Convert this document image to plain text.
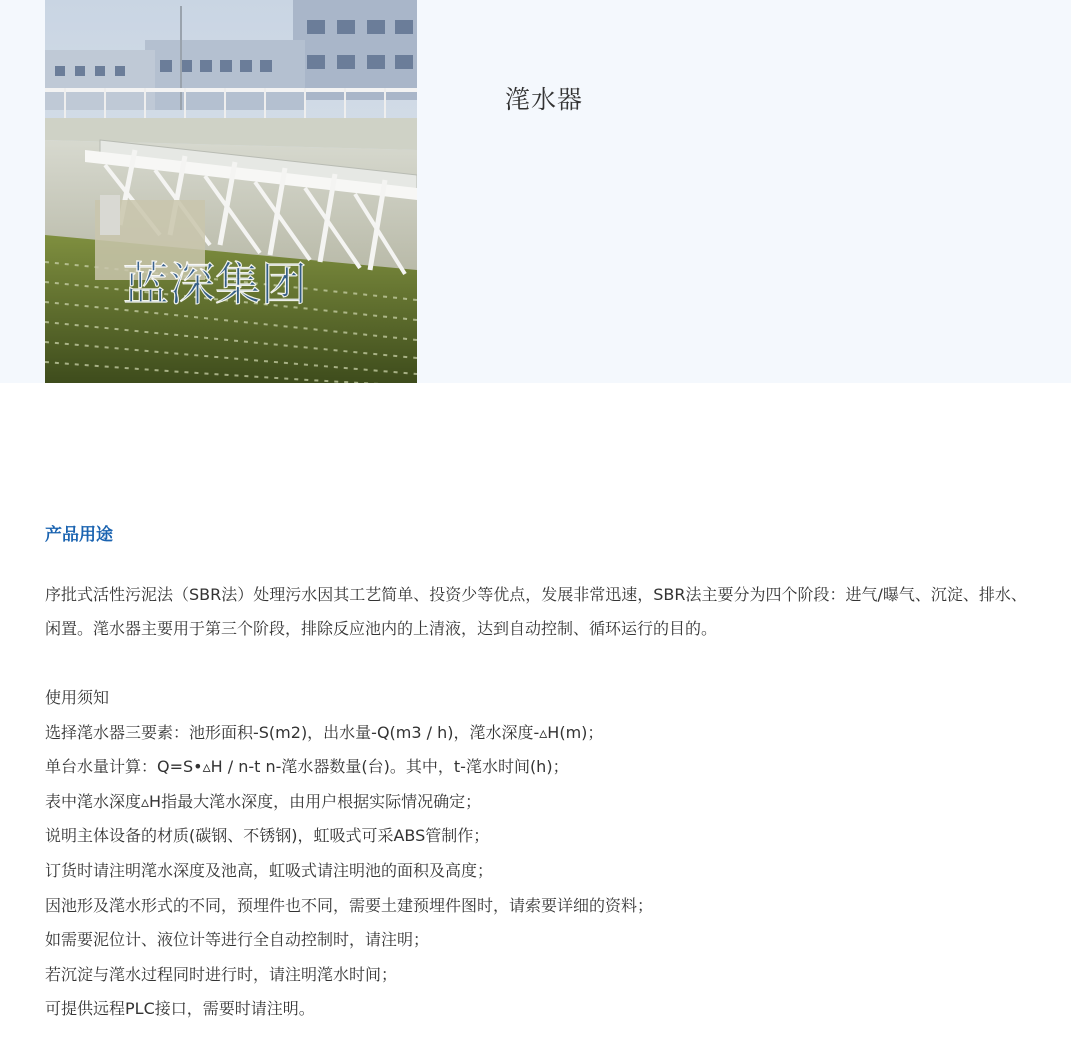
蓝深集团
滗水器
产品用途
序批式活性污泥法（SBR法）处理污水因其工艺简单、投资少等优点，发展非常迅速，SBR法主要分为四个阶段：进气/曝气、沉淀、排水、闲置。滗水器主要用于第三个阶段，排除反应池内的上清液，达到自动控制、循环运行的目的。
使用须知
选择滗水器三要素：池形面积-S(m2)，出水量-Q(m3 / h)，滗水深度-▵H(m)；
单台水量计算：Q=S•▵H / n-t n-滗水器数量(台)。其中，t-滗水时间(h)；
表中滗水深度▵H指最大滗水深度，由用户根据实际情况确定；
说明主体设备的材质(碳钢、不锈钢)，虹吸式可采ABS管制作；
订货时请注明滗水深度及池高，虹吸式请注明池的面积及高度；
因池形及滗水形式的不同，预埋件也不同，需要土建预埋件图时，请索要详细的资料；
如需要泥位计、液位计等进行全自动控制时，请注明；
若沉淀与滗水过程同时进行时，请注明滗水时间；
可提供远程PLC接口，需要时请注明。
